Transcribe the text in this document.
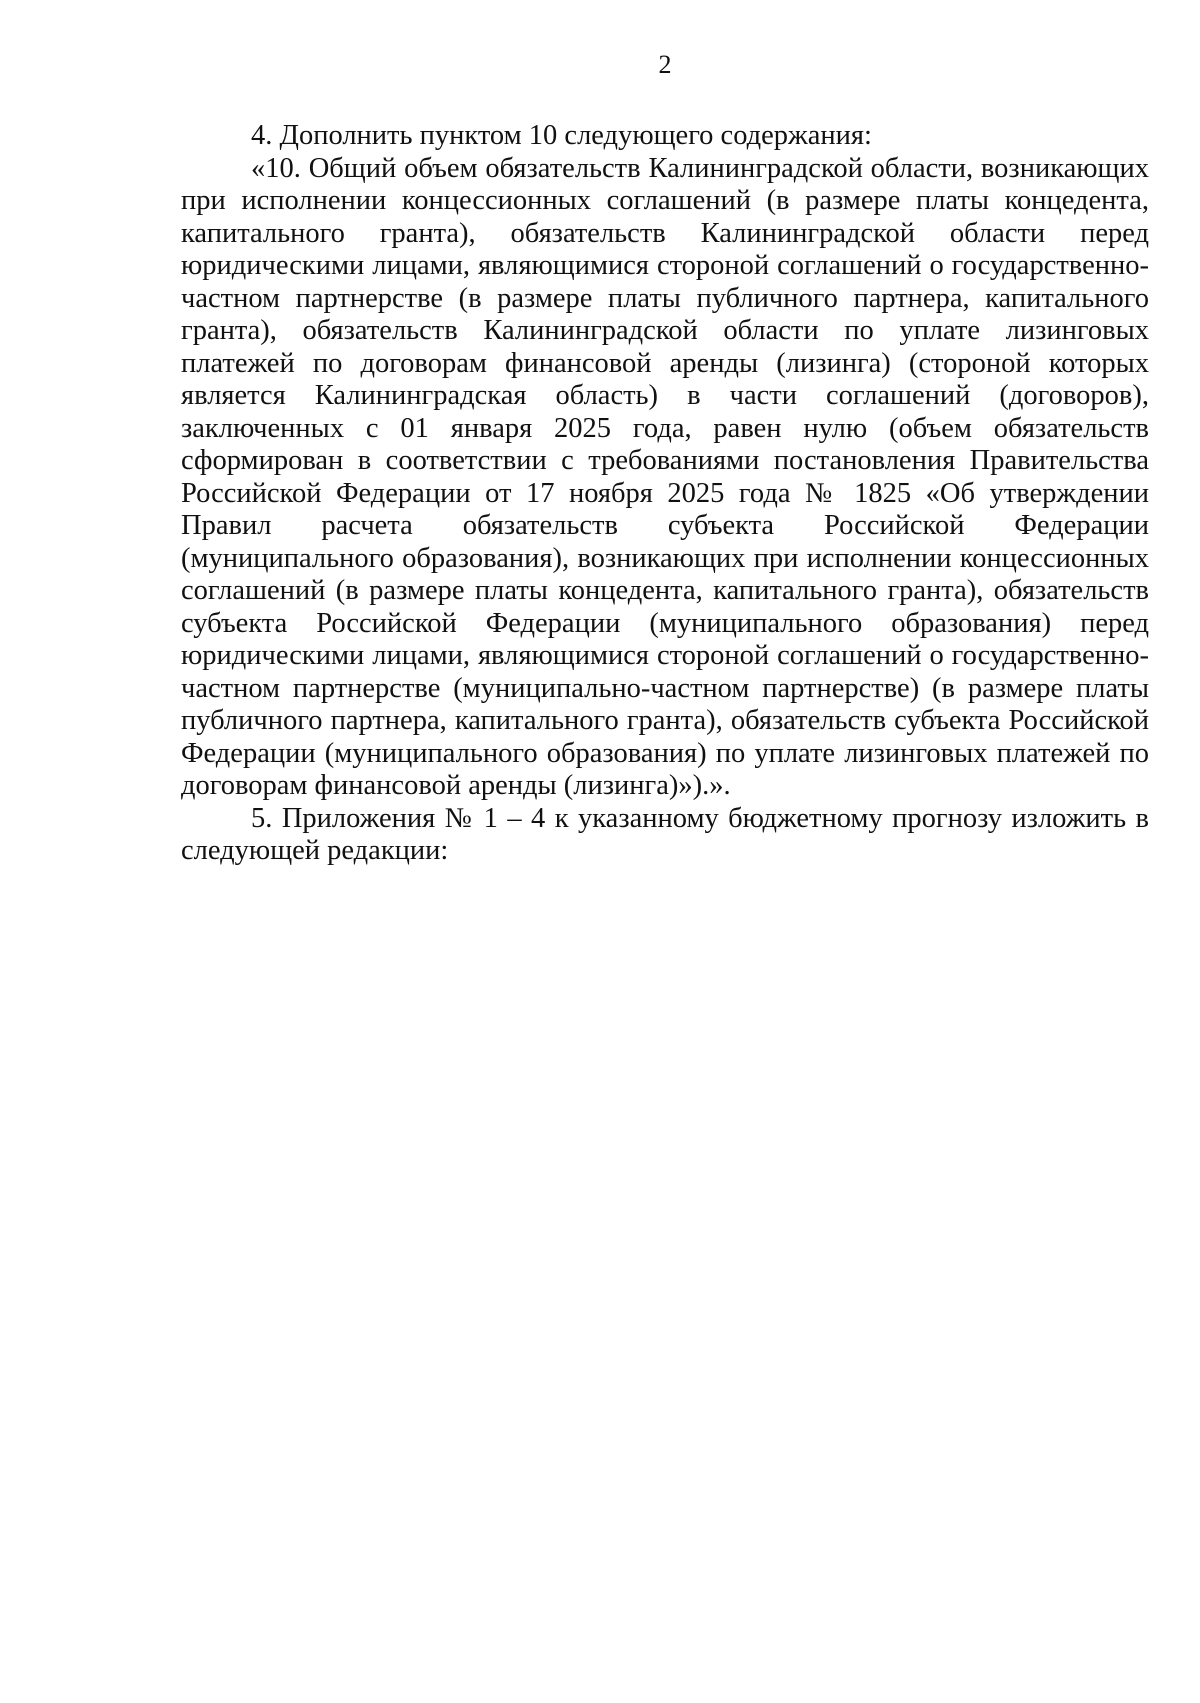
2

4. Дополнить пунктом 10 следующего содержания:

«10. Общий объем обязательств Калининградской области, возникающих при исполнении концессионных соглашений (в размере платы концедента, капитального гранта), обязательств Калининградской области перед юридическими лицами, являющимися стороной соглашений о государственно-частном партнерстве (в размере платы публичного партнера, капитального гранта), обязательств Калининградской области по уплате лизинговых платежей по договорам финансовой аренды (лизинга) (стороной которых является Калининградская область) в части соглашений (договоров), заключенных с 01 января 2025 года, равен нулю (объем обязательств сформирован в соответствии с требованиями постановления Правительства Российской Федерации от 17 ноября 2025 года № 1825 «Об утверждении Правил расчета обязательств субъекта Российской Федерации (муниципального образования), возникающих при исполнении концессионных соглашений (в размере платы концедента, капитального гранта), обязательств субъекта Российской Федерации (муниципального образования) перед юридическими лицами, являющимися стороной соглашений о государственно-частном партнерстве (муниципально-частном партнерстве) (в размере платы публичного партнера, капитального гранта), обязательств субъекта Российской Федерации (муниципального образования) по уплате лизинговых платежей по договорам финансовой аренды (лизинга)»).».

5. Приложения № 1 – 4 к указанному бюджетному прогнозу изложить в следующей редакции:
